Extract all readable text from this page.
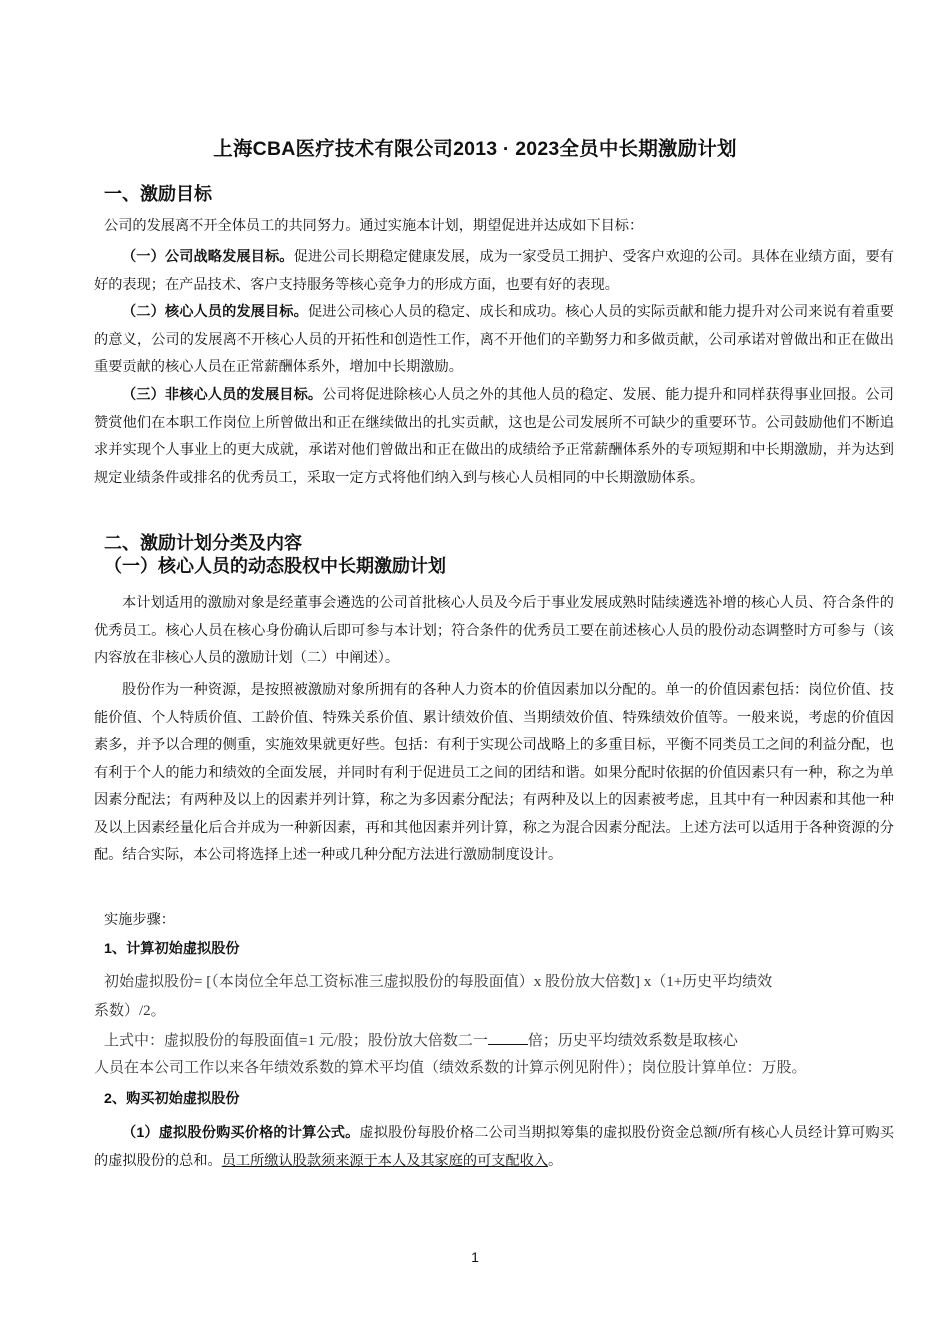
上海CBA医疗技术有限公司2013 · 2023全员中长期激励计划
一、激励目标
公司的发展离不开全体员工的共同努力。通过实施本计划，期望促进并达成如下目标：
（一）公司战略发展目标。促进公司长期稳定健康发展，成为一家受员工拥护、受客户欢迎的公司。具体在业绩方面，要有好的表现；在产品技术、客户支持服务等核心竞争力的形成方面，也要有好的表现。
（二）核心人员的发展目标。促进公司核心人员的稳定、成长和成功。核心人员的实际贡献和能力提升对公司来说有着重要的意义，公司的发展离不开核心人员的开拓性和创造性工作，离不开他们的辛勤努力和多做贡献，公司承诺对曾做出和正在做出重要贡献的核心人员在正常薪酬体系外，增加中长期激励。
（三）非核心人员的发展目标。公司将促进除核心人员之外的其他人员的稳定、发展、能力提升和同样获得事业回报。公司赞赏他们在本职工作岗位上所曾做出和正在继续做出的扎实贡献，这也是公司发展所不可缺少的重要环节。公司鼓励他们不断追求并实现个人事业上的更大成就，承诺对他们曾做出和正在做出的成绩给予正常薪酬体系外的专项短期和中长期激励，并为达到规定业绩条件或排名的优秀员工，采取一定方式将他们纳入到与核心人员相同的中长期激励体系。
二、激励计划分类及内容
（一）核心人员的动态股权中长期激励计划
本计划适用的激励对象是经董事会遴选的公司首批核心人员及今后于事业发展成熟时陆续遴选补增的核心人员、符合条件的优秀员工。核心人员在核心身份确认后即可参与本计划；符合条件的优秀员工要在前述核心人员的股份动态调整时方可参与（该内容放在非核心人员的激励计划（二）中阐述）。
股份作为一种资源，是按照被激励对象所拥有的各种人力资本的价值因素加以分配的。单一的价值因素包括：岗位价值、技能价值、个人特质价值、工龄价值、特殊关系价值、累计绩效价值、当期绩效价值、特殊绩效价值等。一般来说，考虑的价值因素多，并予以合理的侧重，实施效果就更好些。包括：有利于实现公司战略上的多重目标，平衡不同类员工之间的利益分配，也有利于个人的能力和绩效的全面发展，并同时有利于促进员工之间的团结和谐。如果分配时依据的价值因素只有一种，称之为单因素分配法；有两种及以上的因素并列计算，称之为多因素分配法；有两种及以上的因素被考虑，且其中有一种因素和其他一种及以上因素经量化后合并成为一种新因素，再和其他因素并列计算，称之为混合因素分配法。上述方法可以适用于各种资源的分配。结合实际，本公司将选择上述一种或几种分配方法进行激励制度设计。
实施步骤：
1、计算初始虚拟股份
初始虚拟股份= [（本岗位全年总工资标准三虚拟股份的每股面值）x 股份放大倍数] x（1+历史平均绩效
系数）/2。
上式中：虚拟股份的每股面值=1 元/股；股份放大倍数二一	倍；历史平均绩效系数是取核心
人员在本公司工作以来各年绩效系数的算术平均值（绩效系数的计算示例见附件）；岗位股计算单位：万股。
2、购买初始虚拟股份
（1）虚拟股份购买价格的计算公式。虚拟股份每股价格二公司当期拟筹集的虚拟股份资金总额/所有核心人员经计算可购买的虚拟股份的总和。员工所缴认股款须来源于本人及其家庭的可支配收入。
1
